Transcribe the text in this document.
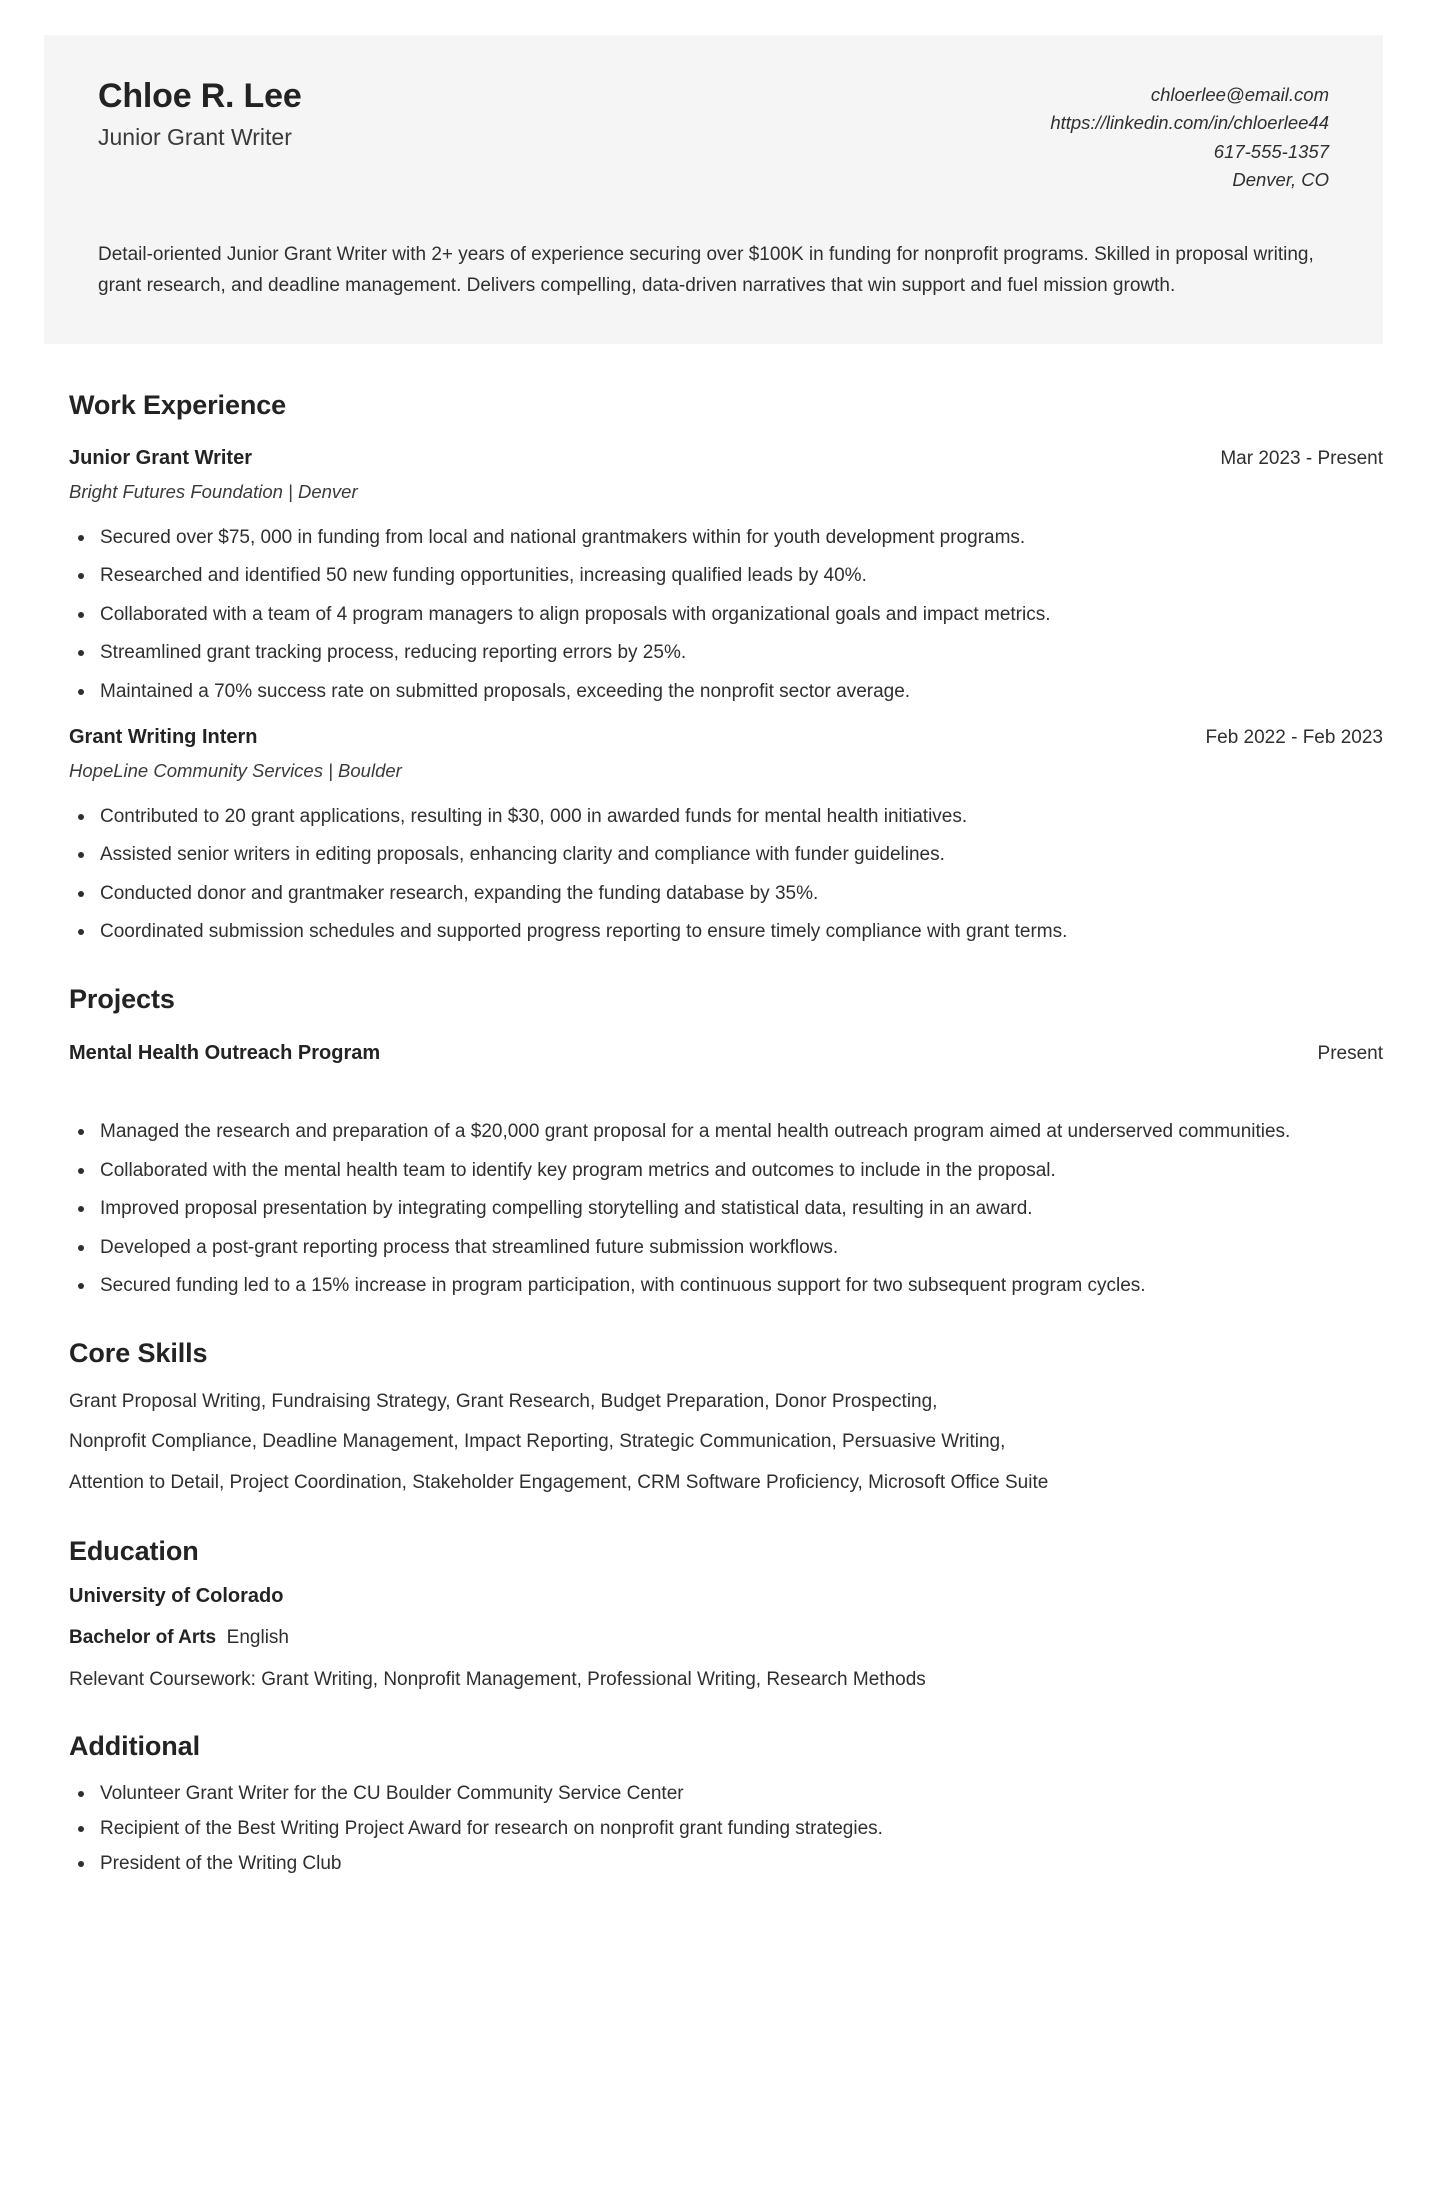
Chloe R. Lee
Junior Grant Writer
chloerlee@email.com
https://linkedin.com/in/chloerlee44
617-555-1357
Denver, CO
Detail-oriented Junior Grant Writer with 2+ years of experience securing over $100K in funding for nonprofit programs. Skilled in proposal writing, grant research, and deadline management. Delivers compelling, data-driven narratives that win support and fuel mission growth.
Work Experience
Junior Grant Writer	Mar 2023 - Present
Bright Futures Foundation | Denver
Secured over $75, 000 in funding from local and national grantmakers within for youth development programs.
Researched and identified 50 new funding opportunities, increasing qualified leads by 40%.
Collaborated with a team of 4 program managers to align proposals with organizational goals and impact metrics.
Streamlined grant tracking process, reducing reporting errors by 25%.
Maintained a 70% success rate on submitted proposals, exceeding the nonprofit sector average.
Grant Writing Intern	Feb 2022 - Feb 2023
HopeLine Community Services | Boulder
Contributed to 20 grant applications, resulting in $30, 000 in awarded funds for mental health initiatives.
Assisted senior writers in editing proposals, enhancing clarity and compliance with funder guidelines.
Conducted donor and grantmaker research, expanding the funding database by 35%.
Coordinated submission schedules and supported progress reporting to ensure timely compliance with grant terms.
Projects
Mental Health Outreach Program	Present
Managed the research and preparation of a $20,000 grant proposal for a mental health outreach program aimed at underserved communities.
Collaborated with the mental health team to identify key program metrics and outcomes to include in the proposal.
Improved proposal presentation by integrating compelling storytelling and statistical data, resulting in an award.
Developed a post-grant reporting process that streamlined future submission workflows.
Secured funding led to a 15% increase in program participation, with continuous support for two subsequent program cycles.
Core Skills
Grant Proposal Writing, Fundraising Strategy, Grant Research, Budget Preparation, Donor Prospecting,
Nonprofit Compliance, Deadline Management, Impact Reporting, Strategic Communication, Persuasive Writing,
Attention to Detail, Project Coordination, Stakeholder Engagement, CRM Software Proficiency, Microsoft Office Suite
Education
University of Colorado
Bachelor of Arts English
Relevant Coursework: Grant Writing, Nonprofit Management, Professional Writing, Research Methods
Additional
Volunteer Grant Writer for the CU Boulder Community Service Center
Recipient of the Best Writing Project Award for research on nonprofit grant funding strategies.
President of the Writing Club
